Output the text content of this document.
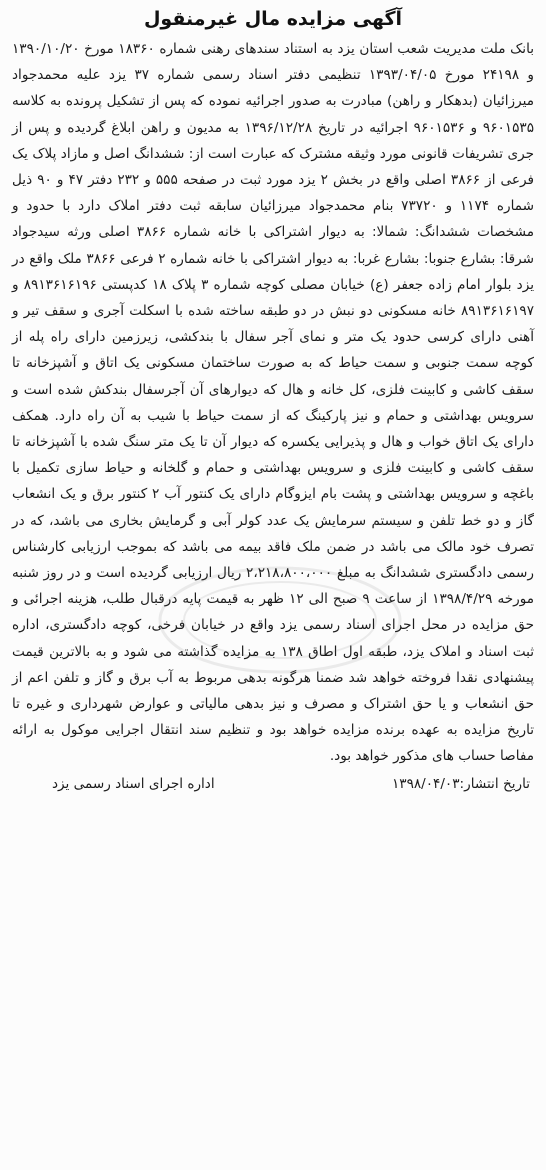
آگهی مزایده مال غیرمنقول

بانک ملت مدیریت شعب استان یزد به استناد سندهای رهنی شماره ۱۸۳۶۰ مورخ ۱۳۹۰/۱۰/۲۰ و ۲۴۱۹۸ مورخ ۱۳۹۳/۰۴/۰۵ تنظیمی دفتر اسناد رسمی شماره ۳۷ یزد علیه محمدجواد میرزائیان (بدهکار و راهن) مبادرت به صدور اجرائیه نموده که پس از تشکیل پرونده به کلاسه ۹۶۰۱۵۳۵ و ۹۶۰۱۵۳۶ اجرائیه در تاریخ ۱۳۹۶/۱۲/۲۸ به مدیون و راهن ابلاغ گردیده و پس از جری تشریفات قانونی مورد وثیقه مشترک که عبارت است از: ششدانگ اصل و مازاد پلاک یک فرعی از ۳۸۶۶ اصلی واقع در بخش ۲ یزد مورد ثبت در صفحه ۵۵۵ و ۲۳۲ دفتر ۴۷ و ۹۰ ذیل شماره ۱۱۷۴ و ۷۳۷۲۰ بنام محمدجواد میرزائیان سابقه ثبت دفتر املاک دارد با حدود و مشخصات ششدانگ: شمالا: به دیوار اشتراکی با خانه شماره ۳۸۶۶ اصلی ورثه سیدجواد شرقا: بشارع جنوبا: بشارع غربا: به دیوار اشتراکی با خانه شماره ۲ فرعی ۳۸۶۶ ملک واقع در یزد بلوار امام زاده جعفر (ع) خیابان مصلی کوچه شماره ۳ پلاک ۱۸ کدپستی ۸۹۱۳۶۱۶۱۹۶ و ۸۹۱۳۶۱۶۱۹۷ خانه مسکونی دو نبش در دو طبقه ساخته شده با اسکلت آجری و سقف تیر و آهنی دارای کرسی حدود یک متر و نمای آجر سفال با بندکشی، زیرزمین دارای راه پله از کوچه سمت جنوبی و سمت حیاط که به صورت ساختمان مسکونی یک اتاق و آشپزخانه تا سقف کاشی و کابینت فلزی، کل خانه و هال که دیوارهای آن آجرسفال بندکش شده است و سرویس بهداشتی و حمام و نیز پارکینگ که از سمت حیاط با شیب به آن راه دارد. همکف دارای یک اتاق خواب و هال و پذیرایی یکسره که دیوار آن تا یک متر سنگ شده با آشپزخانه تا سقف کاشی و کابینت فلزی و سرویس بهداشتی و حمام و گلخانه و حیاط سازی تکمیل با باغچه و سرویس بهداشتی و پشت بام ایزوگام دارای یک کنتور آب ۲ کنتور برق و یک انشعاب گاز و دو خط تلفن و سیستم سرمایش یک عدد کولر آبی و گرمایش بخاری می باشد، که در تصرف خود مالک می باشد در ضمن ملک فاقد بیمه می باشد که بموجب ارزیابی کارشناس رسمی دادگستری ششدانگ به مبلغ ۲،۲۱۸،۸۰۰،۰۰۰ ریال ارزیابی گردیده است و در روز شنبه مورخه ۱۳۹۸/۴/۲۹ از ساعت ۹ صبح الی ۱۲ ظهر به قیمت پایه درقبال طلب، هزینه اجرائی و حق مزایده در محل اجرای اسناد رسمی یزد واقع در خیابان فرخی، کوچه دادگستری، اداره ثبت اسناد و املاک یزد، طبقه اول اطاق ۱۳۸ به مزایده گذاشته می شود و به بالاترین قیمت پیشنهادی نقدا فروخته خواهد شد ضمنا هرگونه بدهی مربوط به آب برق و گاز و تلفن اعم از حق انشعاب و یا حق اشتراک و مصرف و نیز بدهی مالیاتی و عوارض شهرداری و غیره تا تاریخ مزایده به عهده برنده مزایده خواهد بود و تنظیم سند انتقال اجرایی موکول به ارائه مفاصا حساب های مذکور خواهد بود.

تاریخ انتشار:۱۳۹۸/۰۴/۰۳
اداره اجرای اسناد رسمی یزد
